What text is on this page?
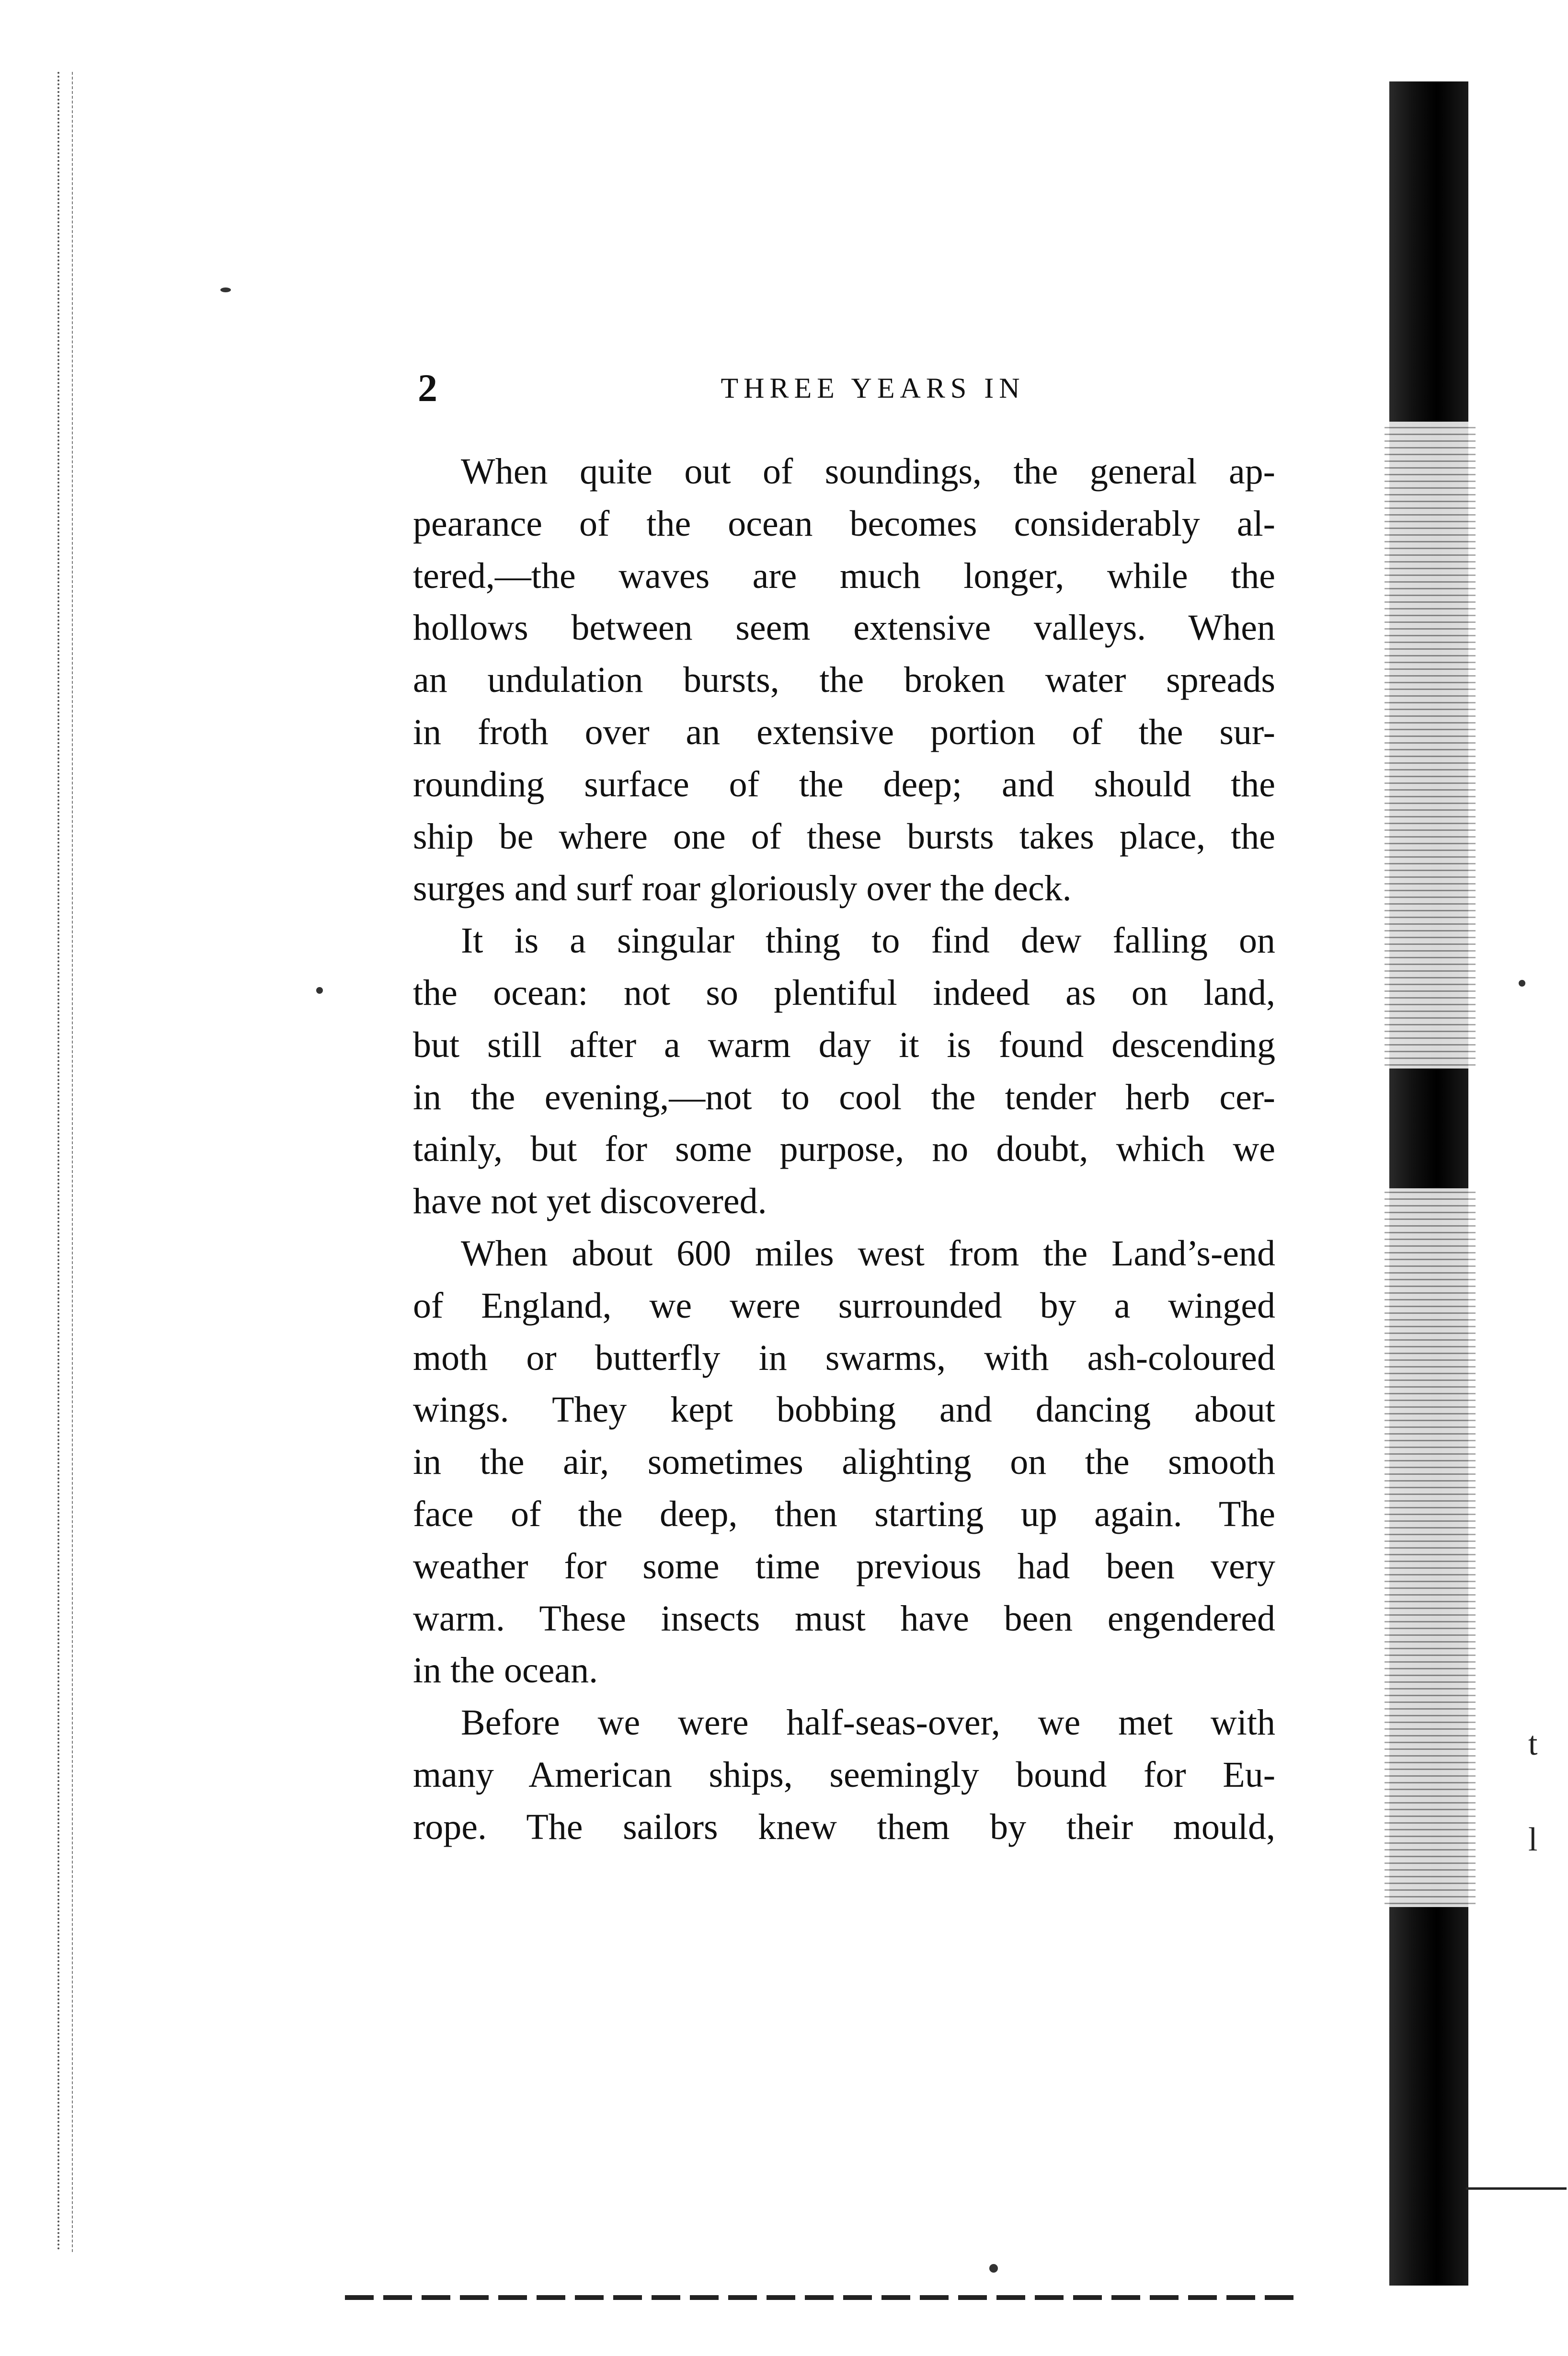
t
l
2	THREE YEARS IN

When quite out of soundings, the general ap-
pearance of the ocean becomes considerably al-
tered,—the waves are much longer, while the
hollows between seem extensive valleys. When
an undulation bursts, the broken water spreads
in froth over an extensive portion of the sur-
rounding surface of the deep; and should the
ship be where one of these bursts takes place, the
surges and surf roar gloriously over the deck.

It is a singular thing to find dew falling on
the ocean: not so plentiful indeed as on land,
but still after a warm day it is found descending
in the evening,—not to cool the tender herb cer-
tainly, but for some purpose, no doubt, which we
have not yet discovered.

When about 600 miles west from the Land’s-end
of England, we were surrounded by a winged
moth or butterfly in swarms, with ash-coloured
wings. They kept bobbing and dancing about
in the air, sometimes alighting on the smooth
face of the deep, then starting up again. The
weather for some time previous had been very
warm. These insects must have been engendered
in the ocean.

Before we were half-seas-over, we met with
many American ships, seemingly bound for Eu-
rope. The sailors knew them by their mould,
